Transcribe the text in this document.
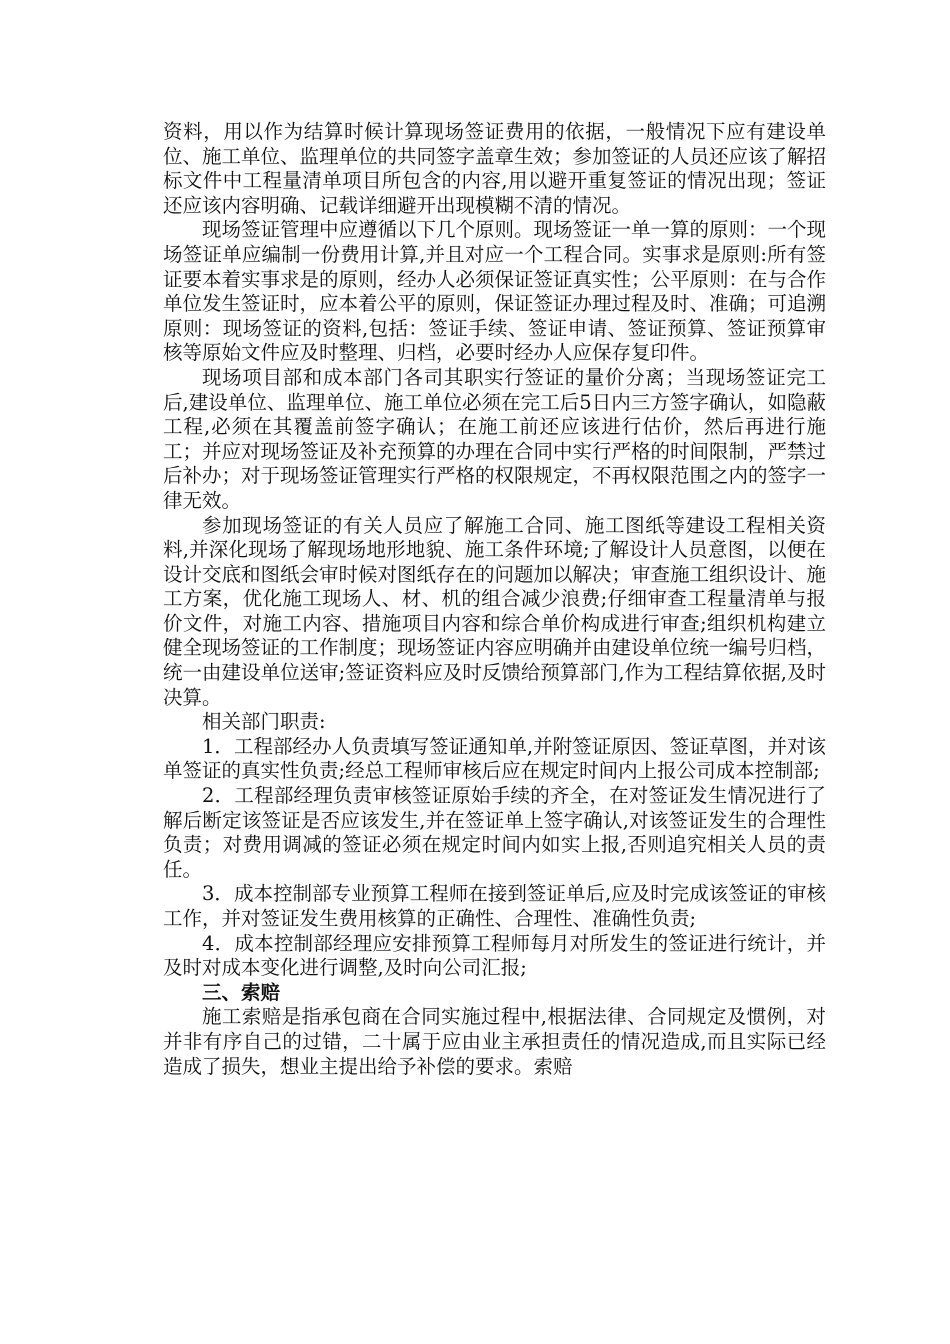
资料，用以作为结算时候计算现场签证费用的依据，一般情况下应有建设单位、施工单位、监理单位的共同签字盖章生效；参加签证的人员还应该了解招标文件中工程量清单项目所包含的内容,用以避开重复签证的情况出现；签证还应该内容明确、记载详细避开出现模糊不清的情况。

现场签证管理中应遵循以下几个原则。现场签证一单一算的原则：一个现场签证单应编制一份费用计算,并且对应一个工程合同。实事求是原则:所有签证要本着实事求是的原则，经办人必须保证签证真实性；公平原则：在与合作单位发生签证时，应本着公平的原则，保证签证办理过程及时、准确；可追溯原则：现场签证的资料,包括：签证手续、签证申请、签证预算、签证预算审核等原始文件应及时整理、归档，必要时经办人应保存复印件。

现场项目部和成本部门各司其职实行签证的量价分离；当现场签证完工后,建设单位、监理单位、施工单位必须在完工后5日内三方签字确认，如隐蔽工程,必须在其覆盖前签字确认；在施工前还应该进行估价，然后再进行施工；并应对现场签证及补充预算的办理在合同中实行严格的时间限制，严禁过后补办；对于现场签证管理实行严格的权限规定，不再权限范围之内的签字一律无效。

参加现场签证的有关人员应了解施工合同、施工图纸等建设工程相关资料,并深化现场了解现场地形地貌、施工条件环境;了解设计人员意图，以便在设计交底和图纸会审时候对图纸存在的问题加以解决；审查施工组织设计、施工方案，优化施工现场人、材、机的组合减少浪费;仔细审查工程量清单与报价文件，对施工内容、措施项目内容和综合单价构成进行审查;组织机构建立健全现场签证的工作制度；现场签证内容应明确并由建设单位统一编号归档，统一由建设单位送审;签证资料应及时反馈给预算部门,作为工程结算依据,及时决算。

相关部门职责:

1．工程部经办人负责填写签证通知单,并附签证原因、签证草图，并对该单签证的真实性负责;经总工程师审核后应在规定时间内上报公司成本控制部;

2．工程部经理负责审核签证原始手续的齐全，在对签证发生情况进行了解后断定该签证是否应该发生,并在签证单上签字确认,对该签证发生的合理性负责；对费用调减的签证必须在规定时间内如实上报,否则追究相关人员的责任。

3．成本控制部专业预算工程师在接到签证单后,应及时完成该签证的审核工作，并对签证发生费用核算的正确性、合理性、准确性负责;

4．成本控制部经理应安排预算工程师每月对所发生的签证进行统计，并及时对成本变化进行调整,及时向公司汇报;

三、索赔

施工索赔是指承包商在合同实施过程中,根据法律、合同规定及惯例，对并非有序自己的过错，二十属于应由业主承担责任的情况造成,而且实际已经造成了损失，想业主提出给予补偿的要求。索赔
